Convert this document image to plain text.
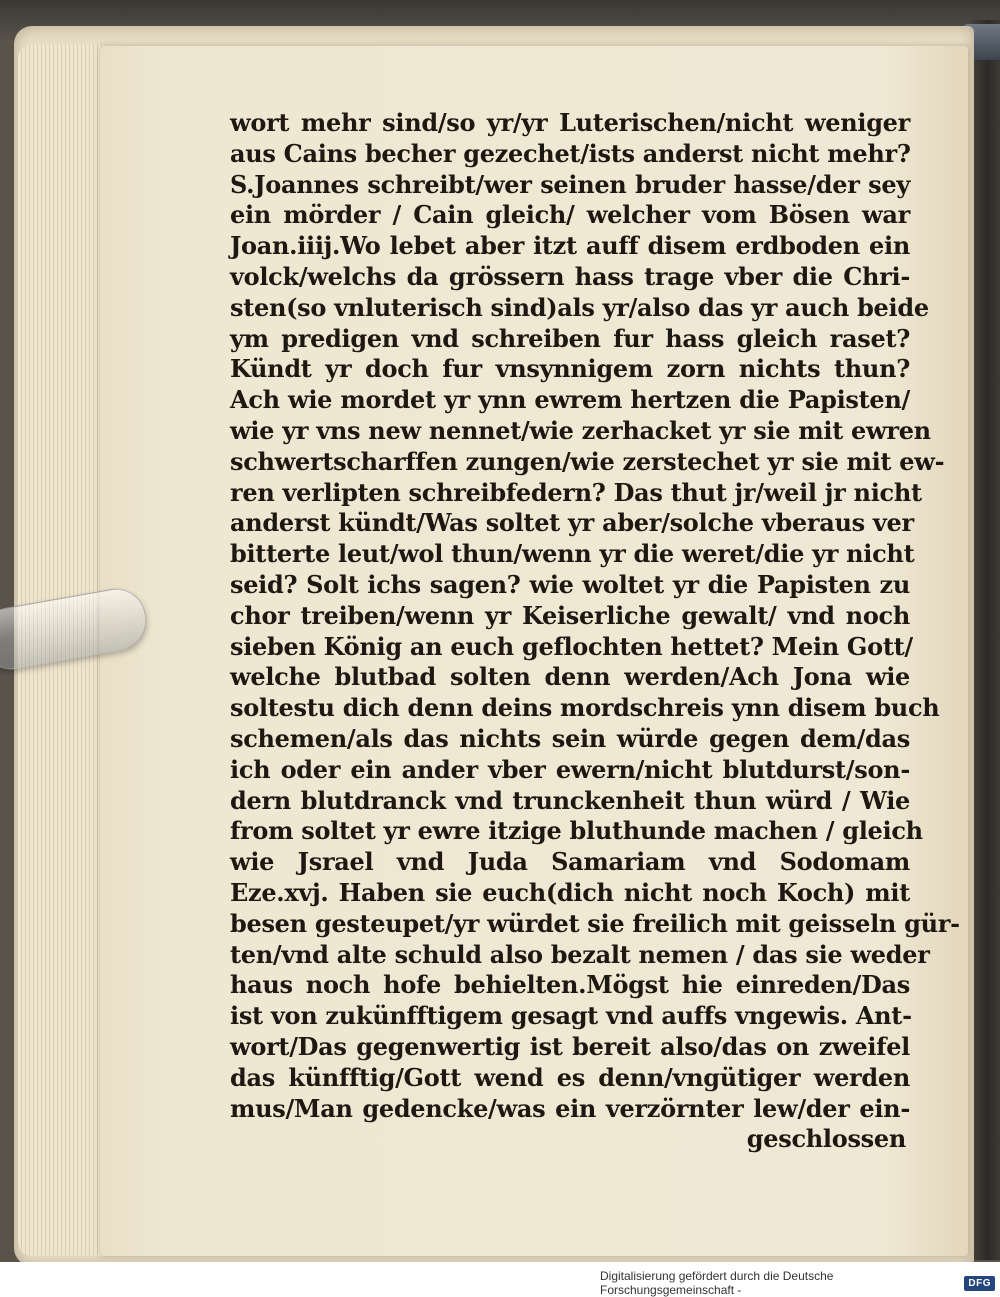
wort mehr sind/so yr/yr Luterischen/nicht weniger
aus Cains becher gezechet/ists anderst nicht mehr?
S.Joannes schreibt/wer seinen bruder hasse/der sey
ein mörder / Cain gleich/ welcher vom Bösen war
Joan.iiij.Wo lebet aber itzt auff disem erdboden ein
volck/welchs da grössern hass trage vber die Chri-
sten(so vnluterisch sind)als yr/also das yr auch beide
ym predigen vnd schreiben fur hass gleich raset?
Kündt yr doch fur vnsynnigem zorn nichts thun?
Ach wie mordet yr ynn ewrem hertzen die Papisten/
wie yr vns new nennet/wie zerhacket yr sie mit ewren
schwertscharffen zungen/wie zerstechet yr sie mit ew-
ren verlipten schreibfedern? Das thut jr/weil jr nicht
anderst kündt/Was soltet yr aber/solche vberaus ver
bitterte leut/wol thun/wenn yr die weret/die yr nicht
seid? Solt ichs sagen? wie woltet yr die Papisten zu
chor treiben/wenn yr Keiserliche gewalt/ vnd noch
sieben König an euch geflochten hettet? Mein Gott/
welche blutbad solten denn werden/Ach Jona wie
soltestu dich denn deins mordschreis ynn disem buch
schemen/als das nichts sein würde gegen dem/das
ich oder ein ander vber ewern/nicht blutdurst/son-
dern blutdranck vnd trunckenheit thun würd / Wie
from soltet yr ewre itzige bluthunde machen / gleich
wie Jsrael vnd Juda Samariam vnd Sodomam
Eze.xvj. Haben sie euch(dich nicht noch Koch) mit
besen gesteupet/yr würdet sie freilich mit geisseln gür-
ten/vnd alte schuld also bezalt nemen / das sie weder
haus noch hofe behielten.Mögst hie einreden/Das
ist von zukünfftigem gesagt vnd auffs vngewis. Ant-
wort/Das gegenwertig ist bereit also/das on zweifel
das künfftig/Gott wend es denn/vngütiger werden
mus/Man gedencke/was ein verzörnter lew/der ein-
geschlossen
Digitalisierung gefördert durch die Deutsche Forschungsgemeinschaft -	DFG
